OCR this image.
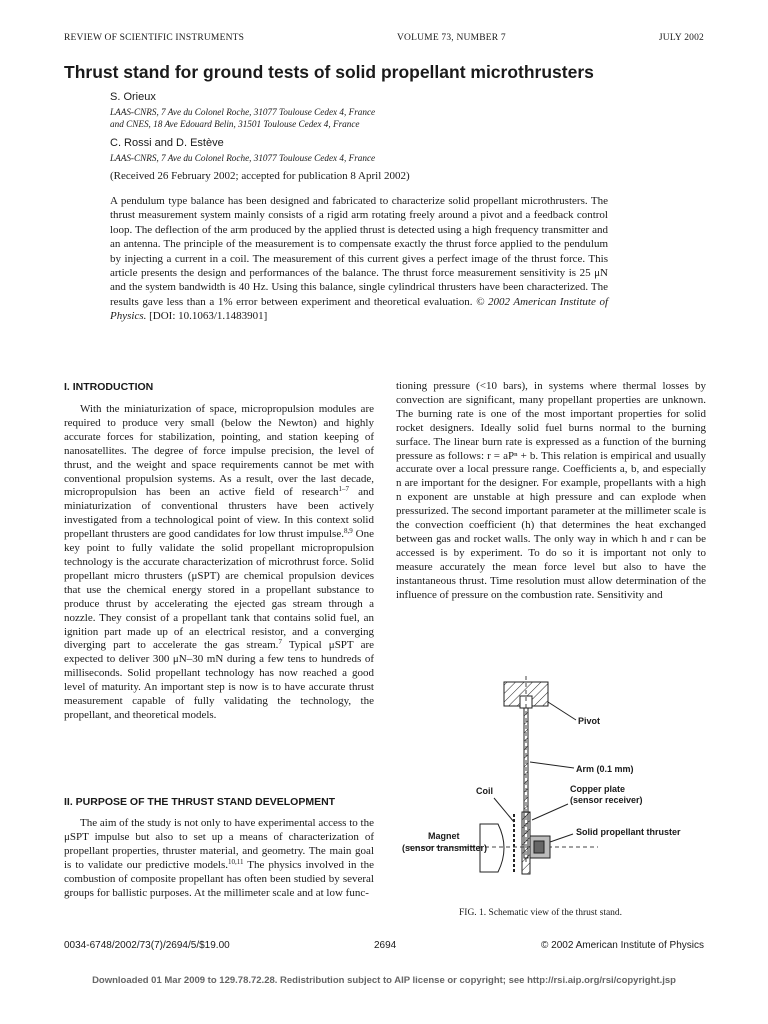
REVIEW OF SCIENTIFIC INSTRUMENTS	VOLUME 73, NUMBER 7	JULY 2002
Thrust stand for ground tests of solid propellant microthrusters
S. Orieux
LAAS-CNRS, 7 Ave du Colonel Roche, 31077 Toulouse Cedex 4, France
and CNES, 18 Ave Edouard Belin, 31501 Toulouse Cedex 4, France
C. Rossi and D. Estève
LAAS-CNRS, 7 Ave du Colonel Roche, 31077 Toulouse Cedex 4, France
(Received 26 February 2002; accepted for publication 8 April 2002)
A pendulum type balance has been designed and fabricated to characterize solid propellant microthrusters. The thrust measurement system mainly consists of a rigid arm rotating freely around a pivot and a feedback control loop. The deflection of the arm produced by the applied thrust is detected using a high frequency transmitter and an antenna. The principle of the measurement is to compensate exactly the thrust force applied to the pendulum by injecting a current in a coil. The measurement of this current gives a perfect image of the thrust force. This article presents the design and performances of the balance. The thrust force measurement sensitivity is 25 μN and the system bandwidth is 40 Hz. Using this balance, single cylindrical thrusters have been characterized. The results gave less than a 1% error between experiment and theoretical evaluation. © 2002 American Institute of Physics. [DOI: 10.1063/1.1483901]
I. INTRODUCTION

With the miniaturization of space, micropropulsion modules are required to produce very small (below the Newton) and highly accurate forces for stabilization, pointing, and station keeping of nanosatellites. The degree of force impulse precision, the level of thrust, and the weight and space requirements cannot be met with conventional propulsion systems. As a result, over the last decade, micropropulsion has been an active field of research$^{1-7}$ and miniaturization of conventional thrusters have been actively investigated from a technological point of view. In this context solid propellant thrusters are good candidates for low thrust impulse.$^{8,9}$ One key point to fully validate the solid propellant micropropulsion technology is the accurate characterization of microthrust force. Solid propellant micro thrusters (μSPT) are chemical propulsion devices that use the chemical energy stored in a propellant substance to produce thrust by accelerating the ejected gas stream through a nozzle. They consist of a propellant tank that contains solid fuel, an ignition part made up of an electrical resistor, and a converging diverging part to accelerate the gas stream.$^7$ Typical μSPT are expected to deliver 300 μN–30 mN during a few tens to hundreds of milliseconds. Solid propellant technology has now reached a good level of maturity. An important step is now is to have accurate thrust measurement capable of fully validating the technology, the propellant, and theoretical models.

II. PURPOSE OF THE THRUST STAND DEVELOPMENT

The aim of the study is not only to have experimental access to the μSPT impulse but also to set up a means of characterization of propellant properties, thruster material, and geometry. The main goal is to validate our predictive models.$^{10,11}$ The physics involved in the combustion of composite propellant has often been studied by several groups for ballistic purposes. At the millimeter scale and at low func-

tioning pressure (<10 bars), in systems where thermal losses by convection are significant, many propellant properties are unknown. The burning rate is one of the most important properties for solid rocket designers. Ideally solid fuel burns normal to the burning surface. The linear burn rate is expressed as a function of the burning pressure as follows: r = aPⁿ + b. This relation is empirical and usually accurate over a local pressure range. Coefficients a, b, and especially n are important for the designer. For example, propellants with a high n exponent are unstable at high pressure and can explode when pressurized. The second important parameter at the millimeter scale is the convection coefficient (h) that determines the heat exchanged between gas and rocket walls. The only way in which h and r can be accessed is by experiment. To do so it is important not only to measure accurately the mean force level but also to have the instantaneous thrust. Time resolution must allow determination of the influence of pressure on the combustion rate. Sensitivity and

Pivot
Arm (0.1 mm)
Coil	Copper plate
(sensor receiver)
Solid propellant thruster
Magnet
(sensor transmitter)
FIG. 1. Schematic view of the thrust stand.
0034-6748/2002/73(7)/2694/5/$19.00	2694	© 2002 American Institute of Physics
Downloaded 01 Mar 2009 to 129.78.72.28. Redistribution subject to AIP license or copyright; see http://rsi.aip.org/rsi/copyright.jsp
